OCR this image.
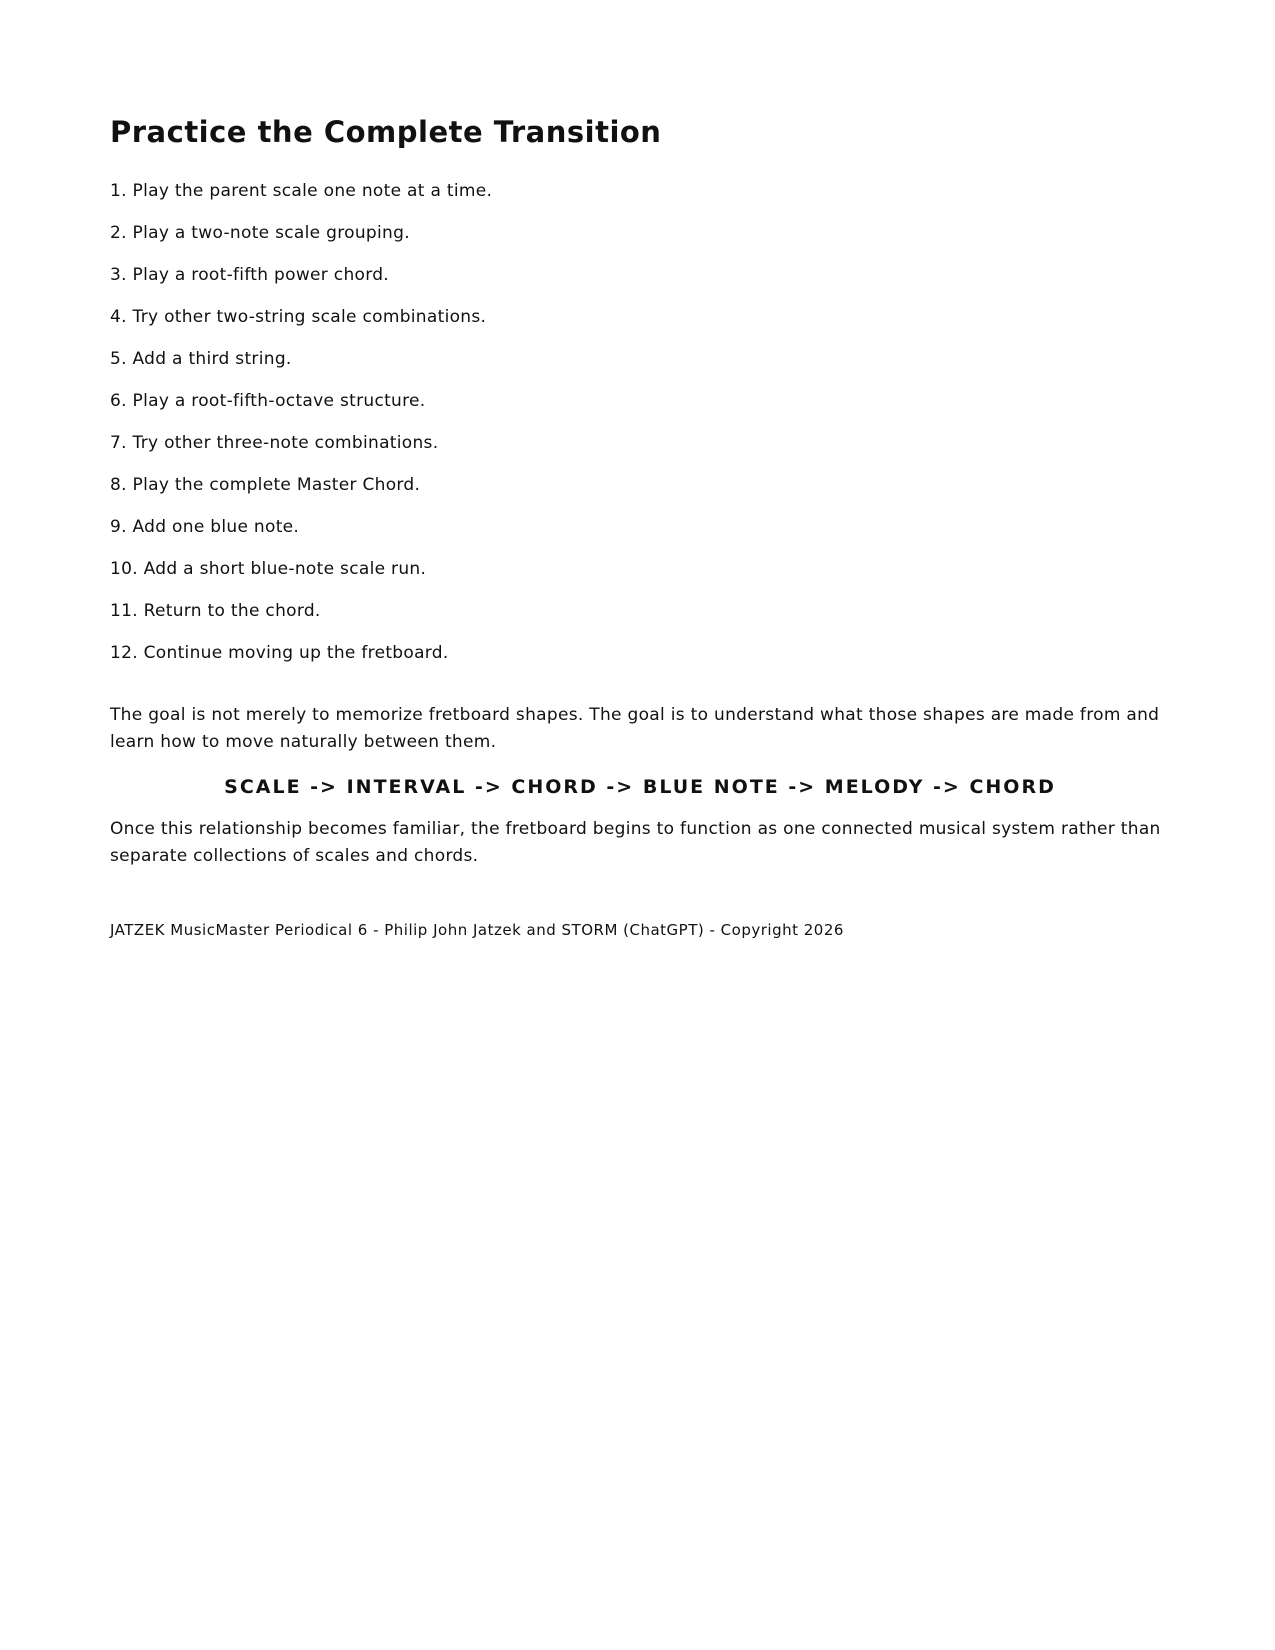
Practice the Complete Transition
1. Play the parent scale one note at a time.
2. Play a two-note scale grouping.
3. Play a root-fifth power chord.
4. Try other two-string scale combinations.
5. Add a third string.
6. Play a root-fifth-octave structure.
7. Try other three-note combinations.
8. Play the complete Master Chord.
9. Add one blue note.
10. Add a short blue-note scale run.
11. Return to the chord.
12. Continue moving up the fretboard.

The goal is not merely to memorize fretboard shapes. The goal is to understand what those shapes are made from and learn how to move naturally between them.

SCALE -> INTERVAL -> CHORD -> BLUE NOTE -> MELODY -> CHORD

Once this relationship becomes familiar, the fretboard begins to function as one connected musical system rather than separate collections of scales and chords.

JATZEK MusicMaster Periodical 6 - Philip John Jatzek and STORM (ChatGPT) - Copyright 2026
